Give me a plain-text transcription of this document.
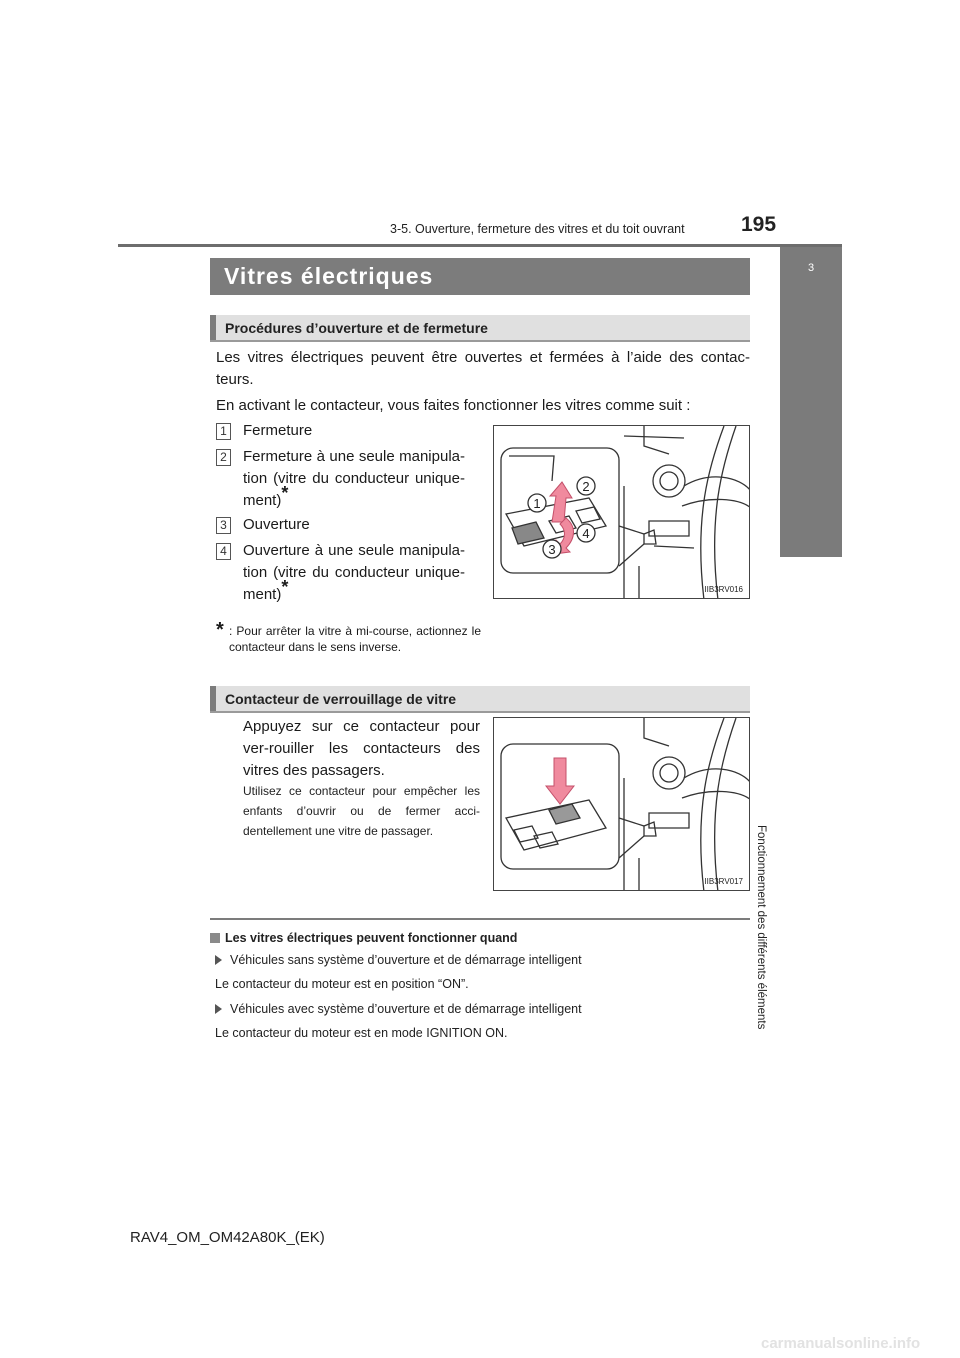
3-5. Ouverture, fermeture des vitres et du toit ouvrant	195
3
Fonctionnement des différents éléments
Vitres électriques
Procédures d’ouverture et de fermeture
Les vitres électriques peuvent être ouvertes et fermées à l’aide des contac-teurs.
En activant le contacteur, vous faites fonctionner les vitres comme suit :
1 Fermeture
2 Fermeture à une seule manipula-tion (vitre du conducteur unique-ment)*
3 Ouverture
4 Ouverture à une seule manipula-tion (vitre du conducteur unique-ment)*
* : Pour arrêter la vitre à mi-course, actionnez le contacteur dans le sens inverse.
1
2
3
4
IIB3RV016
Contacteur de verrouillage de vitre
Appuyez sur ce contacteur pour ver-rouiller les contacteurs des vitres des passagers.
Utilisez ce contacteur pour empêcher les enfants d’ouvrir ou de fermer acci-dentellement une vitre de passager.
IIB3RV017
Les vitres électriques peuvent fonctionner quand
Véhicules sans système d’ouverture et de démarrage intelligent
Le contacteur du moteur est en position “ON”.
Véhicules avec système d’ouverture et de démarrage intelligent
Le contacteur du moteur est en mode IGNITION ON.
RAV4_OM_OM42A80K_(EK)
carmanualsonline.info
